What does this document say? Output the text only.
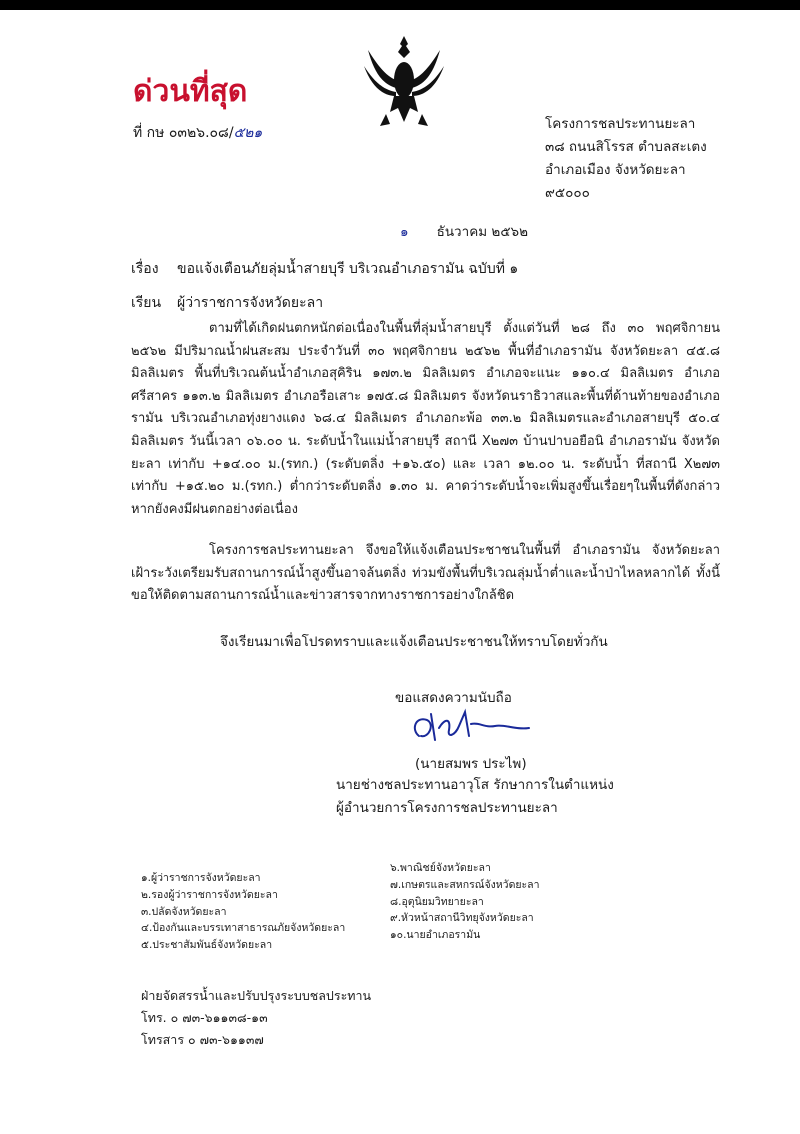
ด่วนที่สุด
ที่ กษ ๐๓๒๖.๐๘/๕๒๑
โครงการชลประทานยะลา
๓๘ ถนนสิโรรส ตำบลสะเตง
อำเภอเมือง จังหวัดยะลา
๙๕๐๐๐
๑ ธันวาคม ๒๕๖๒
เรื่อง ขอแจ้งเตือนภัยลุ่มน้ำสายบุรี บริเวณอำเภอรามัน ฉบับที่ ๑
เรียน ผู้ว่าราชการจังหวัดยะลา
ตามที่ได้เกิดฝนตกหนักต่อเนื่องในพื้นที่ลุ่มน้ำสายบุรี ตั้งแต่วันที่ ๒๘ ถึง ๓๐ พฤศจิกายน ๒๕๖๒ มีปริมาณน้ำฝนสะสม ประจำวันที่ ๓๐ พฤศจิกายน ๒๕๖๒ พื้นที่อำเภอรามัน จังหวัดยะลา ๔๕.๘ มิลลิเมตร พื้นที่บริเวณต้นน้ำอำเภอสุคิริน ๑๗๓.๒ มิลลิเมตร อำเภอจะแนะ ๑๑๐.๔ มิลลิเมตร อำเภอศรีสาคร ๑๑๓.๒ มิลลิเมตร อำเภอรือเสาะ ๑๗๕.๘ มิลลิเมตร จังหวัดนราธิวาสและพื้นที่ด้านท้ายของอำเภอรามัน บริเวณอำเภอทุ่งยางแดง ๖๘.๔ มิลลิเมตร อำเภอกะพ้อ ๓๓.๒ มิลลิเมตรและอำเภอสายบุรี ๕๐.๔ มิลลิเมตร วันนี้เวลา ๐๖.๐๐ น. ระดับน้ำในแม่น้ำสายบุรี สถานี X๒๗๓ บ้านปาบอยือนิ อำเภอรามัน จังหวัดยะลา เท่ากับ +๑๔.๐๐ ม.(รทก.) (ระดับตลิ่ง +๑๖.๕๐) และ เวลา ๑๒.๐๐ น. ระดับน้ำ ที่สถานี X๒๗๓ เท่ากับ +๑๕.๒๐ ม.(รทก.) ต่ำกว่าระดับตลิ่ง ๑.๓๐ ม. คาดว่าระดับน้ำจะเพิ่มสูงขึ้นเรื่อยๆในพื้นที่ดังกล่าว หากยังคงมีฝนตกอย่างต่อเนื่อง
โครงการชลประทานยะลา จึงขอให้แจ้งเตือนประชาชนในพื้นที่ อำเภอรามัน จังหวัดยะลา เฝ้าระวังเตรียมรับสถานการณ์น้ำสูงขึ้นอาจล้นตลิ่ง ท่วมขังพื้นที่บริเวณลุ่มน้ำต่ำและน้ำป่าไหลหลากได้ ทั้งนี้ ขอให้ติดตามสถานการณ์น้ำและข่าวสารจากทางราชการอย่างใกล้ชิด
จึงเรียนมาเพื่อโปรดทราบและแจ้งเตือนประชาชนให้ทราบโดยทั่วกัน
ขอแสดงความนับถือ
(นายสมพร ประไพ)
นายช่างชลประทานอาวุโส รักษาการในตำแหน่ง
ผู้อำนวยการโครงการชลประทานยะลา
๑.ผู้ว่าราชการจังหวัดยะลา
๒.รองผู้ว่าราชการจังหวัดยะลา
๓.ปลัดจังหวัดยะลา
๔.ป้องกันและบรรเทาสาธารณภัยจังหวัดยะลา
๕.ประชาสัมพันธ์จังหวัดยะลา
๖.พาณิชย์จังหวัดยะลา
๗.เกษตรและสหกรณ์จังหวัดยะลา
๘.อุตุนิยมวิทยายะลา
๙.หัวหน้าสถานีวิทยุจังหวัดยะลา
๑๐.นายอำเภอรามัน
ฝ่ายจัดสรรน้ำและปรับปรุงระบบชลประทาน
โทร. ๐ ๗๓-๖๑๑๓๘-๑๓
โทรสาร ๐ ๗๓-๖๑๑๓๗
